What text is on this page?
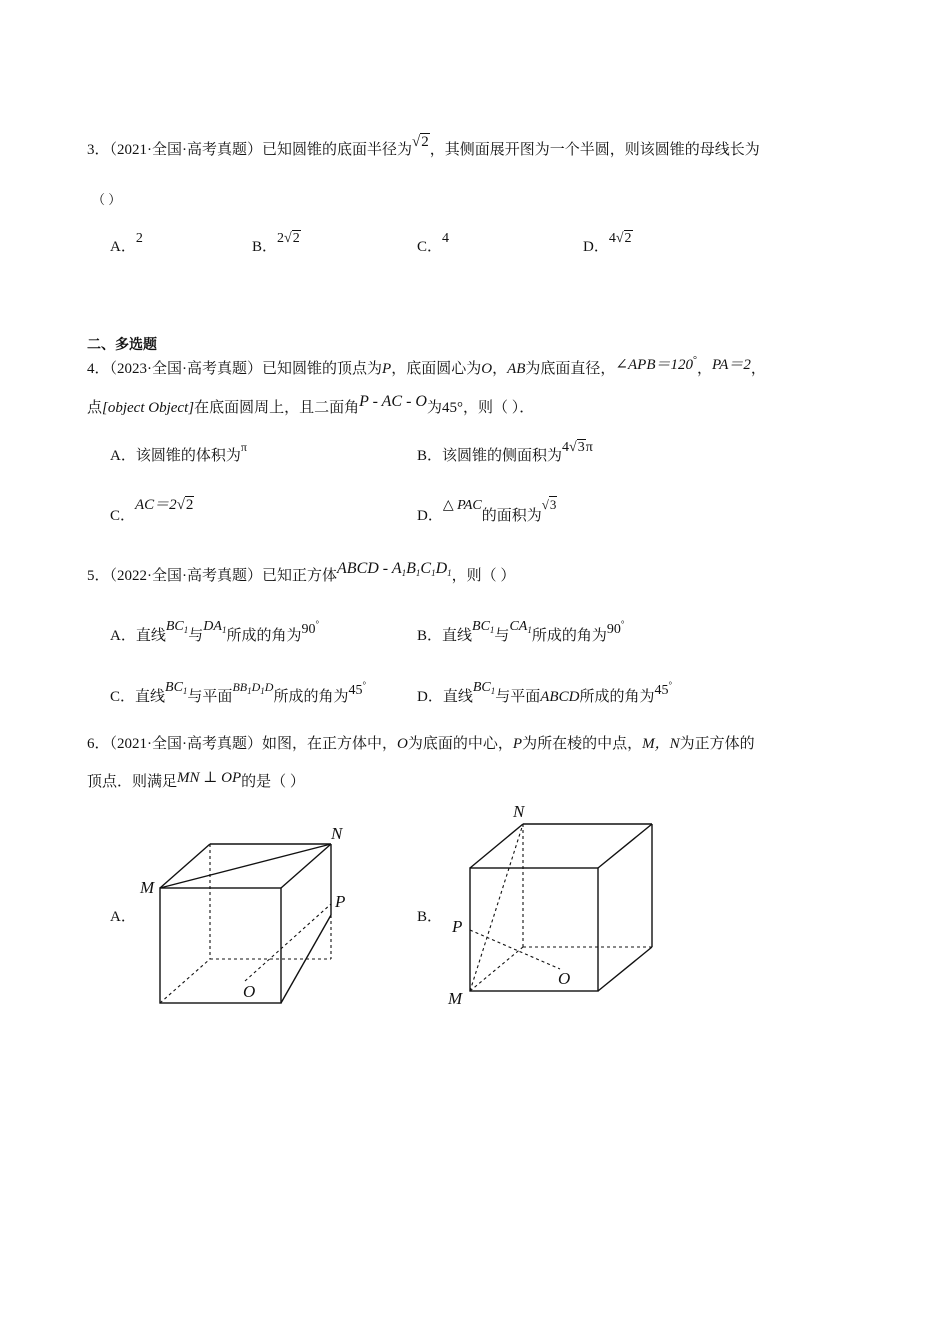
3．（2021·全国·高考真题）已知圆锥的底面半径为√2，其侧面展开图为一个半圆，则该圆锥的母线长为
（ ）
A．2
B．2√2
C．4
D．4√2
二、多选题
4．（2023·全国·高考真题）已知圆锥的顶点为P，底面圆心为O，AB为底面直径，∠APB＝120°，PA＝2，
点[object Object]在底面圆周上，且二面角P - AC - O为45°，则（ ）．
A．该圆锥的体积为$^\pi$
B．该圆锥的侧面积为4√3π
C．AC＝2√2
D．△ PAC的面积为√3
5．（2022·全国·高考真题）已知正方体ABCD - A1B1C1D1，则（ ）
A．直线$BC_1$与$DA_1$所成的角为90°
B．直线$BC_1$与$CA_1$所成的角为90°
C．直线$BC_1$与平面$^{BB_1D_1D}$所成的角为45°
D．直线$BC_1$与平面ABCD所成的角为45°
6．（2021·全国·高考真题）如图，在正方体中，O为底面的中心，P为所在棱的中点，M，N为正方体的
顶点．则满足MN ⊥ OP的是（ ）
A．
M
N
P
O
B．
N
P
O
M
